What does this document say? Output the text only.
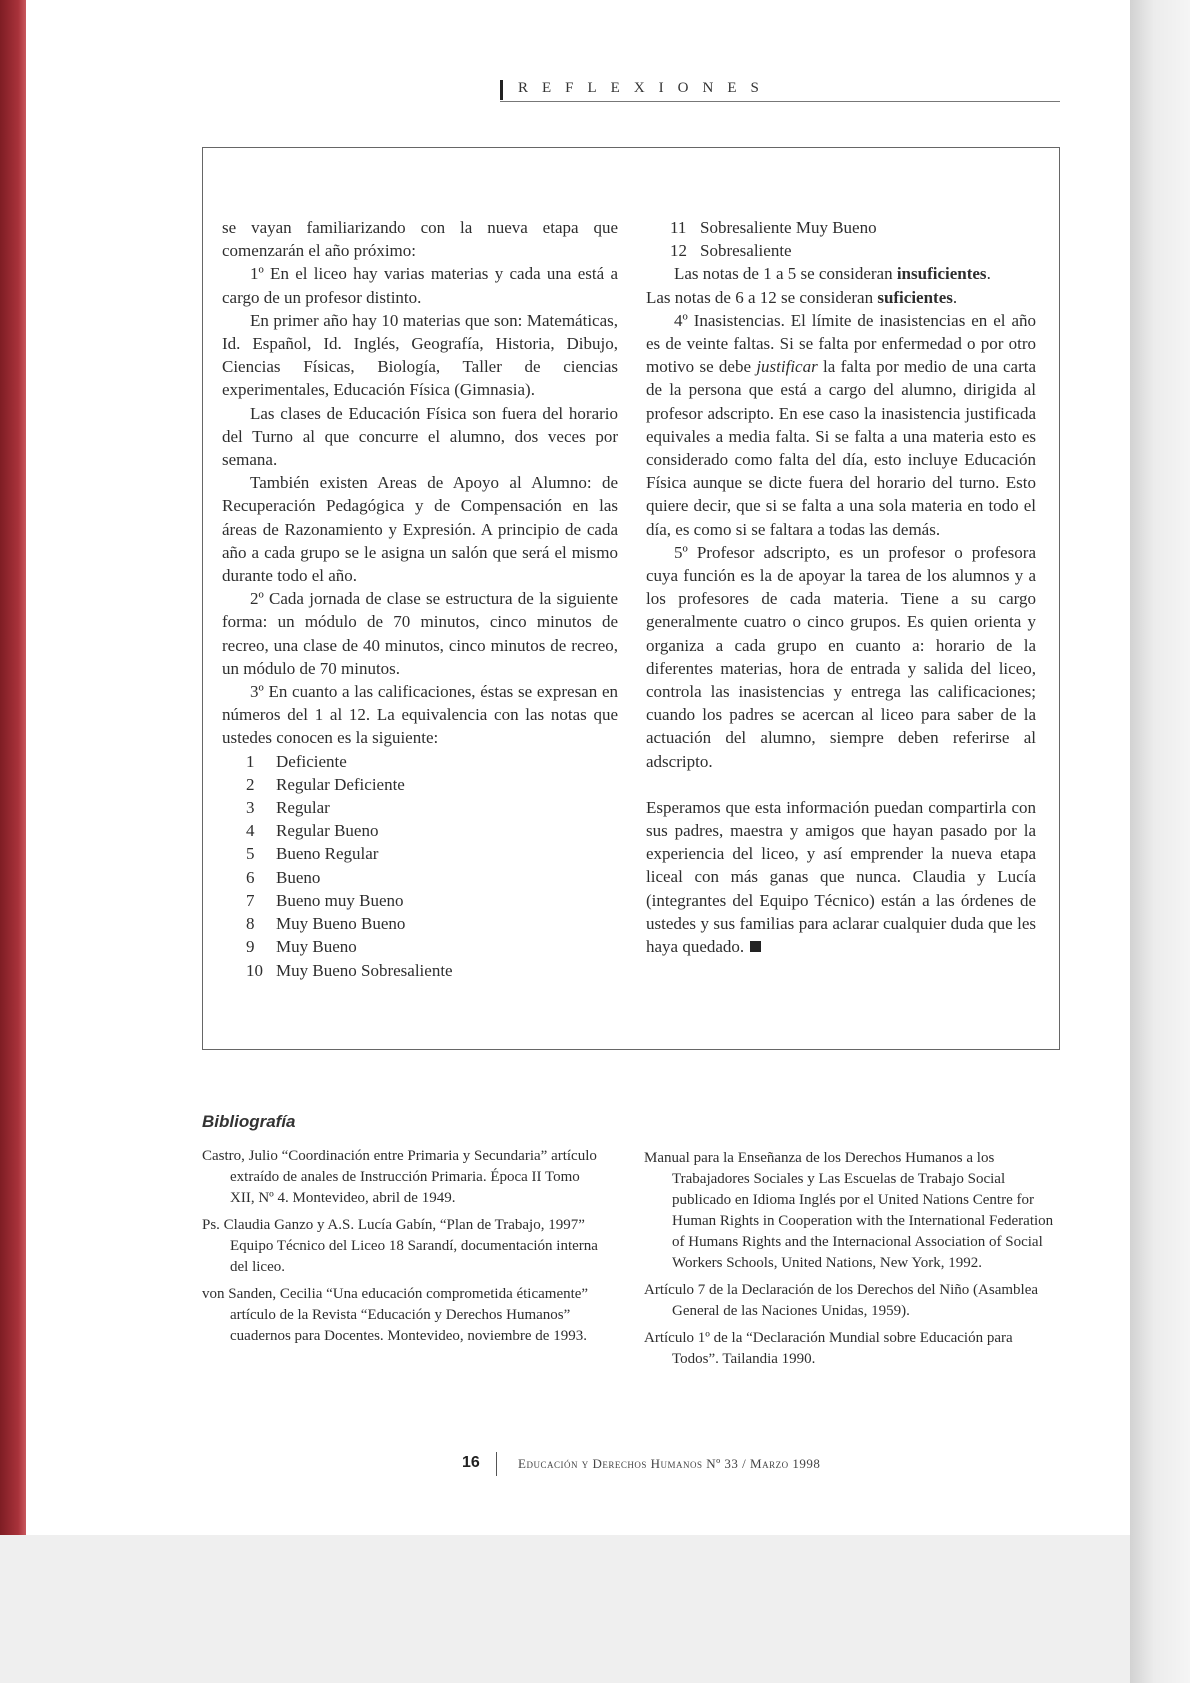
REFLEXIONES

se vayan familiarizando con la nueva etapa que comenzarán el año próximo:

1º En el liceo hay varias materias y cada una está a cargo de un profesor distinto.

En primer año hay 10 materias que son: Matemáticas, Id. Español, Id. Inglés, Geografía, Historia, Dibujo, Ciencias Físicas, Biología, Taller de ciencias experimentales, Educación Física (Gimnasia).

Las clases de Educación Física son fuera del horario del Turno al que concurre el alumno, dos veces por semana.

También existen Areas de Apoyo al Alumno: de Recuperación Pedagógica y de Compensación en las áreas de Razonamiento y Expresión. A principio de cada año a cada grupo se le asigna un salón que será el mismo durante todo el año.

2º Cada jornada de clase se estructura de la siguiente forma: un módulo de 70 minutos, cinco minutos de recreo, una clase de 40 minutos, cinco minutos de recreo, un módulo de 70 minutos.

3º En cuanto a las calificaciones, éstas se expresan en números del 1 al 12. La equivalencia con las notas que ustedes conocen es la siguiente:

1 Deficiente
2 Regular Deficiente
3 Regular
4 Regular Bueno
5 Bueno Regular
6 Bueno
7 Bueno muy Bueno
8 Muy Bueno Bueno
9 Muy Bueno
10 Muy Bueno Sobresaliente
11 Sobresaliente Muy Bueno
12 Sobresaliente

Las notas de 1 a 5 se consideran insuficientes.

Las notas de 6 a 12 se consideran suficientes.

4º Inasistencias. El límite de inasistencias en el año es de veinte faltas. Si se falta por enfermedad o por otro motivo se debe justificar la falta por medio de una carta de la persona que está a cargo del alumno, dirigida al profesor adscripto. En ese caso la inasistencia justificada equivales a media falta. Si se falta a una materia esto es considerado como falta del día, esto incluye Educación Física aunque se dicte fuera del horario del turno. Esto quiere decir, que si se falta a una sola materia en todo el día, es como si se faltara a todas las demás.

5º Profesor adscripto, es un profesor o profesora cuya función es la de apoyar la tarea de los alumnos y a los profesores de cada materia. Tiene a su cargo generalmente cuatro o cinco grupos. Es quien orienta y organiza a cada grupo en cuanto a: horario de la diferentes materias, hora de entrada y salida del liceo, controla las inasistencias y entrega las calificaciones; cuando los padres se acercan al liceo para saber de la actuación del alumno, siempre deben referirse al adscripto.

Esperamos que esta información puedan compartirla con sus padres, maestra y amigos que hayan pasado por la experiencia del liceo, y así emprender la nueva etapa liceal con más ganas que nunca. Claudia y Lucía (integrantes del Equipo Técnico) están a las órdenes de ustedes y sus familias para aclarar cualquier duda que les haya quedado.

Bibliografía

Castro, Julio “Coordinación entre Primaria y Secundaria” artículo extraído de anales de Instrucción Primaria. Época II Tomo XII, Nº 4. Montevideo, abril de 1949.

Ps. Claudia Ganzo y A.S. Lucía Gabín, “Plan de Trabajo, 1997” Equipo Técnico del Liceo 18 Sarandí, documentación interna del liceo.

von Sanden, Cecilia “Una educación comprometida éticamente” artículo de la Revista “Educación y Derechos Humanos” cuadernos para Docentes. Montevideo, noviembre de 1993.

Manual para la Enseñanza de los Derechos Humanos a los Trabajadores Sociales y Las Escuelas de Trabajo Social publicado en Idioma Inglés por el United Nations Centre for Human Rights in Cooperation with the International Federation of Humans Rights and the Internacional Association of Social Workers Schools, United Nations, New York, 1992.

Artículo 7 de la Declaración de los Derechos del Niño (Asamblea General de las Naciones Unidas, 1959).

Artículo 1º de la “Declaración Mundial sobre Educación para Todos”. Tailandia 1990.

16	Educación y Derechos Humanos Nº 33 / Marzo 1998
